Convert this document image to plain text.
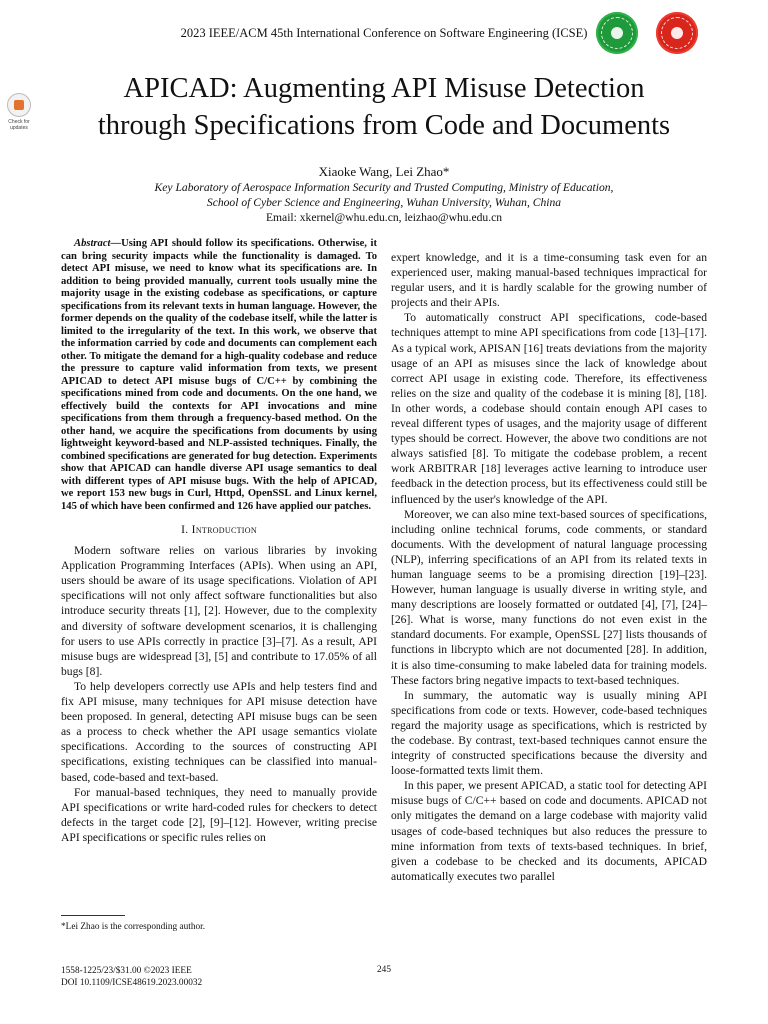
2023 IEEE/ACM 45th International Conference on Software Engineering (ICSE)
Check for updates
APICAD: Augmenting API Misuse Detection
through Specifications from Code and Documents
Xiaoke Wang, Lei Zhao*
Key Laboratory of Aerospace Information Security and Trusted Computing, Ministry of Education,
School of Cyber Science and Engineering, Wuhan University, Wuhan, China
Email: xkernel@whu.edu.cn, leizhao@whu.edu.cn
Abstract—Using API should follow its specifications. Otherwise, it can bring security impacts while the functionality is damaged. To detect API misuse, we need to know what its specifications are. In addition to being provided manually, current tools usually mine the majority usage in the existing codebase as specifications, or capture specifications from its relevant texts in human language. However, the former depends on the quality of the codebase itself, while the latter is limited to the irregularity of the text. In this work, we observe that the information carried by code and documents can complement each other. To mitigate the demand for a high-quality codebase and reduce the pressure to capture valid information from texts, we present APICAD to detect API misuse bugs of C/C++ by combining the specifications mined from code and documents. On the one hand, we effectively build the contexts for API invocations and mine specifications from them through a frequency-based method. On the other hand, we acquire the specifications from documents by using lightweight keyword-based and NLP-assisted techniques. Finally, the combined specifications are generated for bug detection. Experiments show that APICAD can handle diverse API usage semantics to deal with different types of API misuse bugs. With the help of APICAD, we report 153 new bugs in Curl, Httpd, OpenSSL and Linux kernel, 145 of which have been confirmed and 126 have applied our patches.
I. Introduction

Modern software relies on various libraries by invoking Application Programming Interfaces (APIs). When using an API, users should be aware of its usage specifications. Violation of API specifications will not only affect software functionalities but also introduce security threats [1], [2]. However, due to the complexity and diversity of software development scenarios, it is challenging for users to use APIs correctly in practice [3]–[7]. As a result, API misuse bugs are widespread [3], [5] and contribute to 17.05% of all bugs [8].

To help developers correctly use APIs and help testers find and fix API misuse, many techniques for API misuse detection have been proposed. In general, detecting API misuse bugs can be seen as a process to check whether the API usage semantics violate specifications. According to the sources of constructing API specifications, existing techniques can be classified into manual-based, code-based and text-based.

For manual-based techniques, they need to manually provide API specifications or write hard-coded rules for checkers to detect defects in the target code [2], [9]–[12]. However, writing precise API specifications or specific rules relies on

expert knowledge, and it is a time-consuming task even for an experienced user, making manual-based techniques impractical for regular users, and it is hardly scalable for the growing number of projects and their APIs.

To automatically construct API specifications, code-based techniques attempt to mine API specifications from code [13]–[17]. As a typical work, APISAN [16] treats deviations from the majority usage of an API as misuses since the lack of knowledge about correct API usage in existing code. Therefore, its effectiveness relies on the size and quality of the codebase it is mining [8], [18]. In other words, a codebase should contain enough API cases to reveal different types of usages, and the majority usage of different types should be correct. However, the above two conditions are not always satisfied [8]. To mitigate the codebase problem, a recent work ARBITRAR [18] leverages active learning to introduce user feedback in the detection process, but its effectiveness could still be influenced by the user's knowledge of the API.

Moreover, we can also mine text-based sources of specifications, including online technical forums, code comments, or standard documents. With the development of natural language processing (NLP), inferring specifications of an API from its related texts in human language seems to be a promising direction [19]–[23]. However, human language is usually diverse in writing style, and many descriptions are loosely formatted or outdated [4], [7], [24]–[26]. What is worse, many functions do not even exist in the standard documents. For example, OpenSSL [27] lists thousands of functions in libcrypto which are not documented [28]. In addition, it is also time-consuming to make labeled data for training models. These factors bring negative impacts to text-based techniques.

In summary, the automatic way is usually mining API specifications from code or texts. However, code-based techniques regard the majority usage as specifications, which is restricted by the codebase. By contrast, text-based techniques cannot ensure the integrity of constructed specifications because the diversity and loose-formatted texts limit them.

In this paper, we present APICAD, a static tool for detecting API misuse bugs of C/C++ based on code and documents. APICAD not only mitigates the demand on a large codebase with majority valid usages of code-based techniques but also reduces the pressure to mine information from texts of texts-based techniques. In brief, given a codebase to be checked and its documents, APICAD automatically executes two parallel

*Lei Zhao is the corresponding author.
1558-1225/23/$31.00 ©2023 IEEE
DOI 10.1109/ICSE48619.2023.00032
245
